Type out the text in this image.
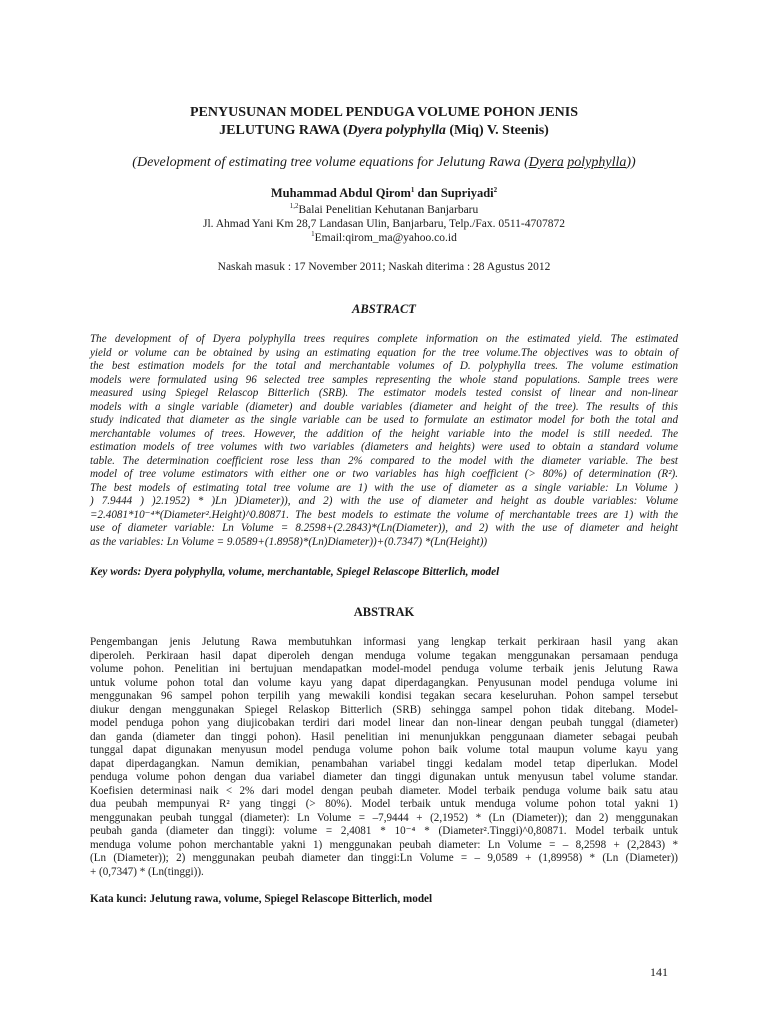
PENYUSUNAN MODEL PENDUGA VOLUME POHON JENIS
JELUTUNG RAWA (Dyera polyphylla (Miq) V. Steenis)
(Development of estimating tree volume equations for Jelutung Rawa (Dyera polyphylla))
Muhammad Abdul Qirom$^1$ dan Supriyadi$^2$
$^{1,2}$Balai Penelitian Kehutanan Banjarbaru
Jl. Ahmad Yani Km 28,7 Landasan Ulin, Banjarbaru, Telp./Fax. 0511-4707872
$^1$Email:qirom_ma@yahoo.co.id
Naskah masuk : 17 November 2011; Naskah diterima : 28 Agustus 2012
ABSTRACT
The development of of Dyera polyphylla trees requires complete information on the estimated yield. The estimated
yield or volume can be obtained by using an estimating equation for the tree volume.The objectives was to obtain of
the best estimation models for the total and merchantable volumes of D. polyphylla trees. The volume estimation
models were formulated using 96 selected tree samples representing the whole stand populations. Sample trees were
measured using Spiegel Relascop Bitterlich (SRB). The estimator models tested consist of linear and non-linear
models with a single variable (diameter) and double variables (diameter and height of the tree). The results of this
study indicated that diameter as the single variable can be used to formulate an estimator model for both the total and
merchantable volumes of trees. However, the addition of the height variable into the model is still needed. The
estimation models of tree volumes with two variables (diameters and heights) were used to obtain a standard volume
table. The determination coefficient rose less than 2% compared to the model with the diameter variable. The best
model of tree volume estimators with either one or two variables has high coefficient (> 80%) of determination (R²).
The best models of estimating total tree volume are 1) with the use of diameter as a single variable: Ln Volume )
) 7.9444 ) )2.1952) * )Ln )Diameter)), and 2) with the use of diameter and height as double variables: Volume
=2.4081*10⁻⁴*(Diameter².Height)^0.80871. The best models to estimate the volume of merchantable trees are 1) with the
use of diameter variable: Ln Volume = 8.2598+(2.2843)*(Ln(Diameter)), and 2) with the use of diameter and height
as the variables: Ln Volume = 9.0589+(1.8958)*(Ln)Diameter))+(0.7347) *(Ln(Height))
Key words: Dyera polyphylla, volume, merchantable, Spiegel Relascope Bitterlich, model
ABSTRAK
Pengembangan jenis Jelutung Rawa membutuhkan informasi yang lengkap terkait perkiraan hasil yang akan
diperoleh. Perkiraan hasil dapat diperoleh dengan menduga volume tegakan menggunakan persamaan penduga
volume pohon. Penelitian ini bertujuan mendapatkan model-model penduga volume terbaik jenis Jelutung Rawa
untuk volume pohon total dan volume kayu yang dapat diperdagangkan. Penyusunan model penduga volume ini
menggunakan 96 sampel pohon terpilih yang mewakili kondisi tegakan secara keseluruhan. Pohon sampel tersebut
diukur dengan menggunakan Spiegel Relaskop Bitterlich (SRB) sehingga sampel pohon tidak ditebang. Model-
model penduga pohon yang diujicobakan terdiri dari model linear dan non-linear dengan peubah tunggal (diameter)
dan ganda (diameter dan tinggi pohon). Hasil penelitian ini menunjukkan penggunaan diameter sebagai peubah
tunggal dapat digunakan menyusun model penduga volume pohon baik volume total maupun volume kayu yang
dapat diperdagangkan. Namun demikian, penambahan variabel tinggi kedalam model tetap diperlukan. Model
penduga volume pohon dengan dua variabel diameter dan tinggi digunakan untuk menyusun tabel volume standar.
Koefisien determinasi naik < 2% dari model dengan peubah diameter. Model terbaik penduga volume baik satu atau
dua peubah mempunyai R² yang tinggi (> 80%). Model terbaik untuk menduga volume pohon total yakni 1)
menggunakan peubah tunggal (diameter): Ln Volume = –7,9444 + (2,1952) * (Ln (Diameter)); dan 2) menggunakan
peubah ganda (diameter dan tinggi): volume = 2,4081 * 10⁻⁴ * (Diameter².Tinggi)^0,80871. Model terbaik untuk
menduga volume pohon merchantable yakni 1) menggunakan peubah diameter: Ln Volume = – 8,2598 + (2,2843) *
(Ln (Diameter)); 2) menggunakan peubah diameter dan tinggi:Ln Volume = – 9,0589 + (1,89958) * (Ln (Diameter))
+ (0,7347) * (Ln(tinggi)).
Kata kunci: Jelutung rawa, volume, Spiegel Relascope Bitterlich, model
141
